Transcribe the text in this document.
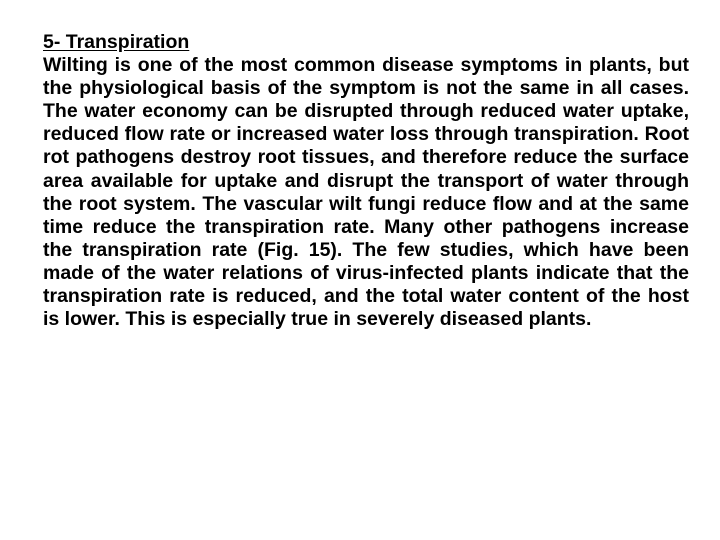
5- Transpiration

Wilting is one of the most common disease symptoms in plants, but the physiological basis of the symptom is not the same in all cases. The water economy can be disrupted through reduced water uptake, reduced flow rate or increased water loss through transpiration. Root rot pathogens destroy root tissues, and therefore reduce the surface area available for uptake and disrupt the transport of water through the root system. The vascular wilt fungi reduce flow and at the same time reduce the transpiration rate. Many other pathogens increase the transpiration rate (Fig. 15). The few studies, which have been made of the water relations of virus-infected plants indicate that the transpiration rate is reduced, and the total water content of the host is lower. This is especially true in severely diseased plants.
